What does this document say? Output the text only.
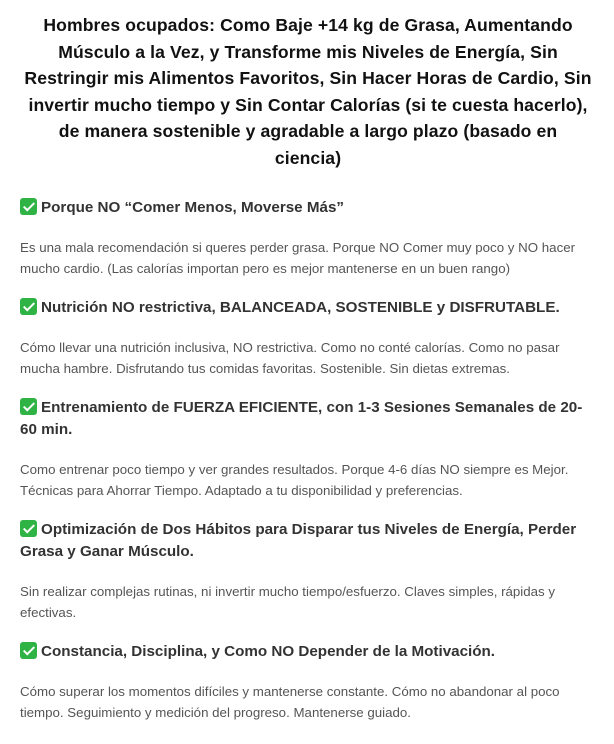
Hombres ocupados: Como Baje +14 kg de Grasa, Aumentando Músculo a la Vez, y Transforme mis Niveles de Energía, Sin Restringir mis Alimentos Favoritos, Sin Hacer Horas de Cardio, Sin invertir mucho tiempo y Sin Contar Calorías (si te cuesta hacerlo), de manera sostenible y agradable a largo plazo (basado en ciencia)
Porque NO “Comer Menos, Moverse Más”

Es una mala recomendación si queres perder grasa. Porque NO Comer muy poco y NO hacer mucho cardio. (Las calorías importan pero es mejor mantenerse en un buen rango)

Nutrición NO restrictiva, BALANCEADA, SOSTENIBLE y DISFRUTABLE.

Cómo llevar una nutrición inclusiva, NO restrictiva. Como no conté calorías. Como no pasar mucha hambre. Disfrutando tus comidas favoritas. Sostenible. Sin dietas extremas.

Entrenamiento de FUERZA EFICIENTE, con 1-3 Sesiones Semanales de 20-60 min.

Como entrenar poco tiempo y ver grandes resultados. Porque 4-6 días NO siempre es Mejor. Técnicas para Ahorrar Tiempo. Adaptado a tu disponibilidad y preferencias.

Optimización de Dos Hábitos para Disparar tus Niveles de Energía, Perder Grasa y Ganar Músculo.

Sin realizar complejas rutinas, ni invertir mucho tiempo/esfuerzo. Claves simples, rápidas y efectivas.

Constancia, Disciplina, y Como NO Depender de la Motivación.

Cómo superar los momentos difíciles y mantenerse constante. Cómo no abandonar al poco tiempo. Seguimiento y medición del progreso. Mantenerse guiado.
